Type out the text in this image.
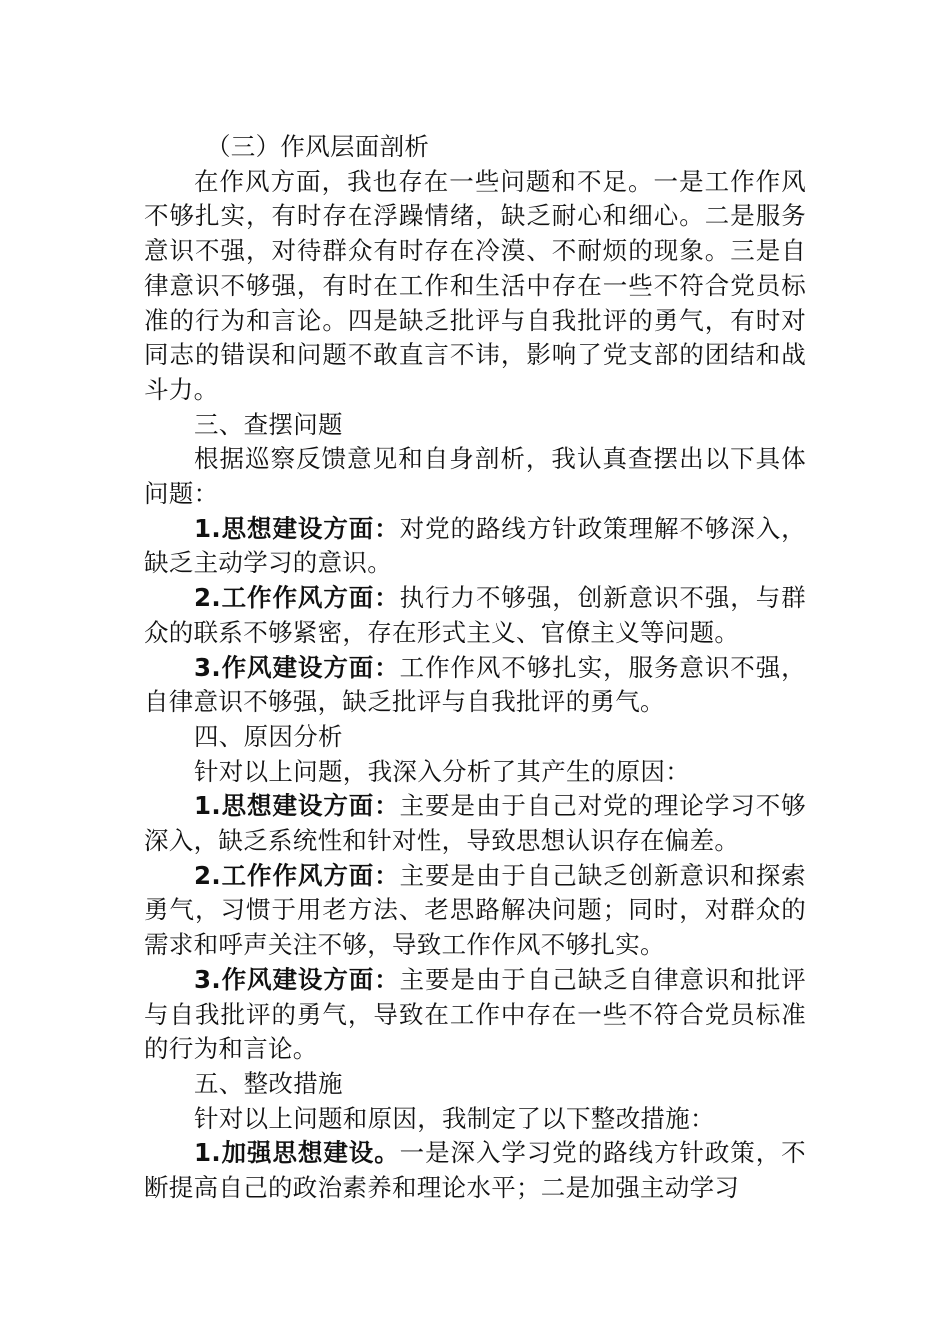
（三）作风层面剖析

在作风方面，我也存在一些问题和不足。一是工作作风不够扎实，有时存在浮躁情绪，缺乏耐心和细心。二是服务意识不强，对待群众有时存在冷漠、不耐烦的现象。三是自律意识不够强，有时在工作和生活中存在一些不符合党员标准的行为和言论。四是缺乏批评与自我批评的勇气，有时对同志的错误和问题不敢直言不讳，影响了党支部的团结和战斗力。

三、查摆问题

根据巡察反馈意见和自身剖析，我认真查摆出以下具体问题：

1.思想建设方面：对党的路线方针政策理解不够深入，缺乏主动学习的意识。

2.工作作风方面：执行力不够强，创新意识不强，与群众的联系不够紧密，存在形式主义、官僚主义等问题。

3.作风建设方面：工作作风不够扎实，服务意识不强，自律意识不够强，缺乏批评与自我批评的勇气。

四、原因分析

针对以上问题，我深入分析了其产生的原因：

1.思想建设方面：主要是由于自己对党的理论学习不够深入，缺乏系统性和针对性，导致思想认识存在偏差。

2.工作作风方面：主要是由于自己缺乏创新意识和探索勇气，习惯于用老方法、老思路解决问题；同时，对群众的需求和呼声关注不够，导致工作作风不够扎实。

3.作风建设方面：主要是由于自己缺乏自律意识和批评与自我批评的勇气，导致在工作中存在一些不符合党员标准的行为和言论。

五、整改措施

针对以上问题和原因，我制定了以下整改措施：

1.加强思想建设。一是深入学习党的路线方针政策，不断提高自己的政治素养和理论水平；二是加强主动学习
